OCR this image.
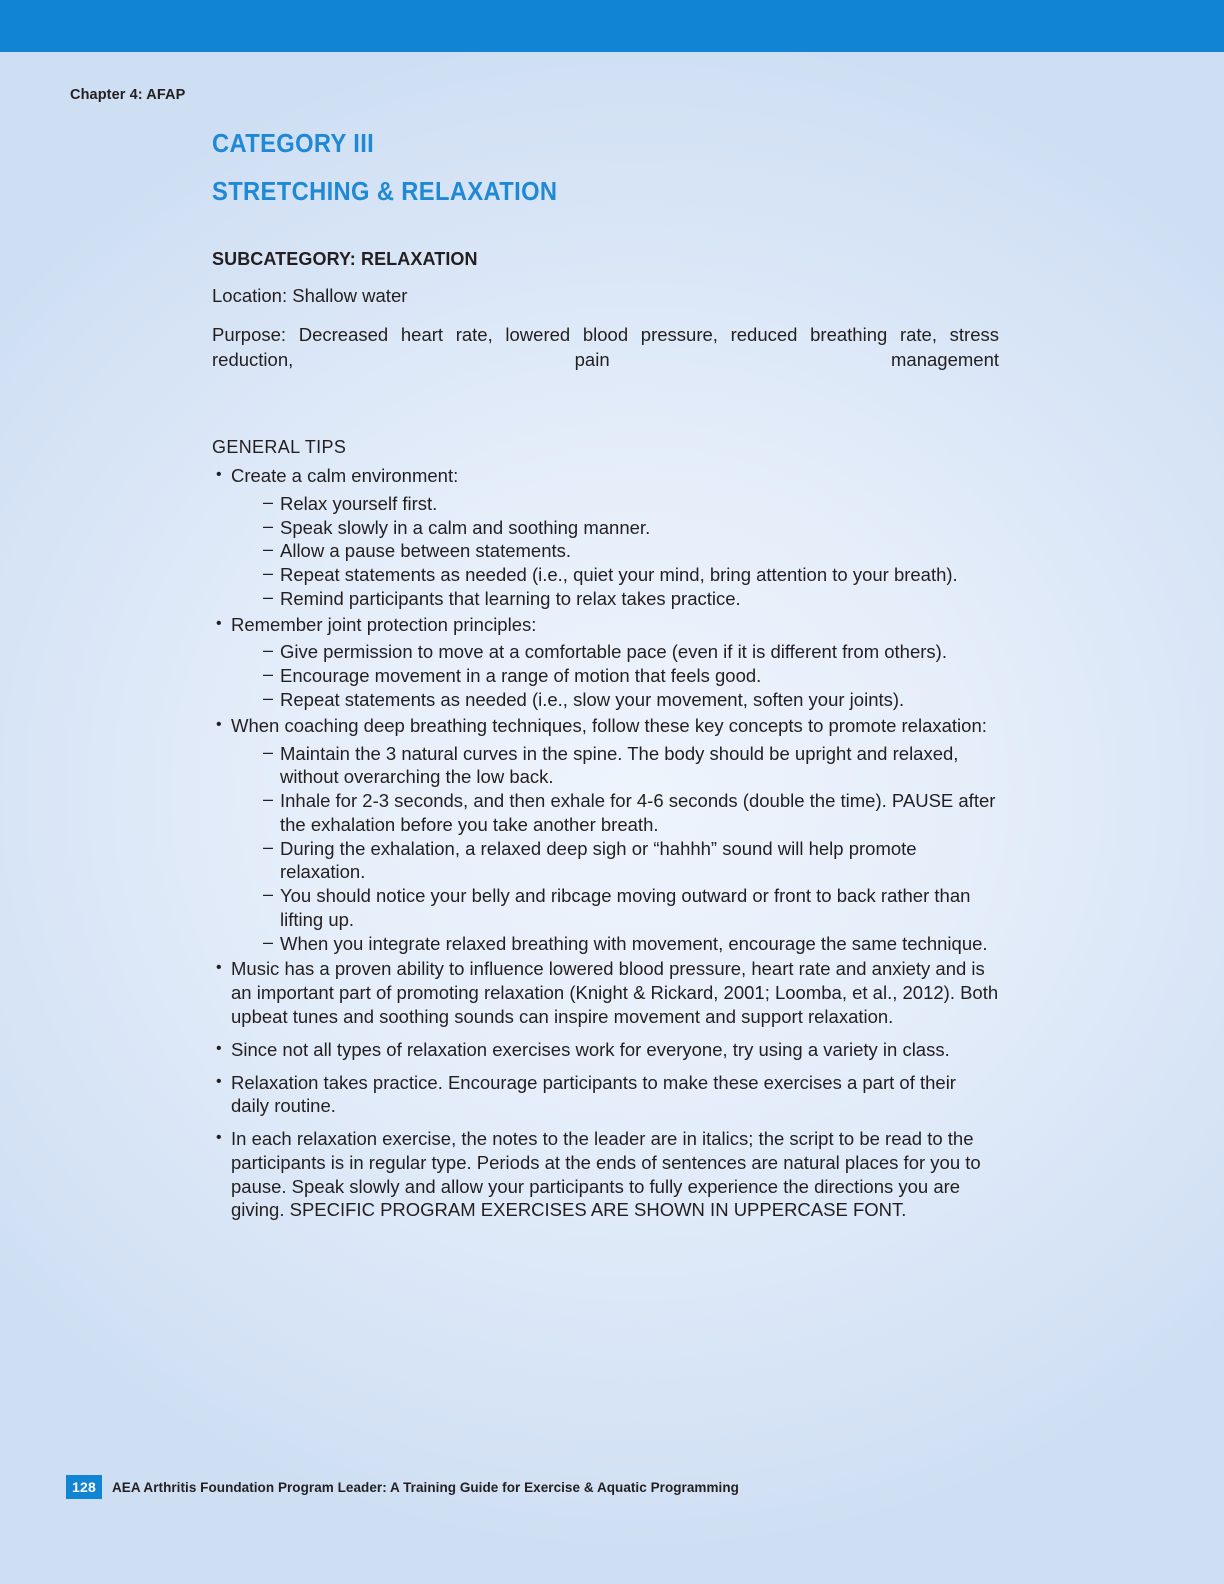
Chapter 4: AFAP
CATEGORY III
STRETCHING & RELAXATION
SUBCATEGORY: RELAXATION

Location: Shallow water

Purpose: Decreased heart rate, lowered blood pressure, reduced breathing rate, stress reduction, pain management

GENERAL TIPS
• Create a calm environment:
– Relax yourself first.
– Speak slowly in a calm and soothing manner.
– Allow a pause between statements.
– Repeat statements as needed (i.e., quiet your mind, bring attention to your breath).
– Remind participants that learning to relax takes practice.
• Remember joint protection principles:
– Give permission to move at a comfortable pace (even if it is different from others).
– Encourage movement in a range of motion that feels good.
– Repeat statements as needed (i.e., slow your movement, soften your joints).
• When coaching deep breathing techniques, follow these key concepts to promote relaxation:
– Maintain the 3 natural curves in the spine. The body should be upright and relaxed, without overarching the low back.
– Inhale for 2-3 seconds, and then exhale for 4-6 seconds (double the time). PAUSE after the exhalation before you take another breath.
– During the exhalation, a relaxed deep sigh or “hahhh” sound will help promote relaxation.
– You should notice your belly and ribcage moving outward or front to back rather than lifting up.
– When you integrate relaxed breathing with movement, encourage the same technique.
• Music has a proven ability to influence lowered blood pressure, heart rate and anxiety and is an important part of promoting relaxation (Knight & Rickard, 2001; Loomba, et al., 2012). Both upbeat tunes and soothing sounds can inspire movement and support relaxation.
• Since not all types of relaxation exercises work for everyone, try using a variety in class.
• Relaxation takes practice. Encourage participants to make these exercises a part of their daily routine.
• In each relaxation exercise, the notes to the leader are in italics; the script to be read to the participants is in regular type. Periods at the ends of sentences are natural places for you to pause. Speak slowly and allow your participants to fully experience the directions you are giving. SPECIFIC PROGRAM EXERCISES ARE SHOWN IN UPPERCASE FONT.
128	AEA Arthritis Foundation Program Leader: A Training Guide for Exercise & Aquatic Programming
